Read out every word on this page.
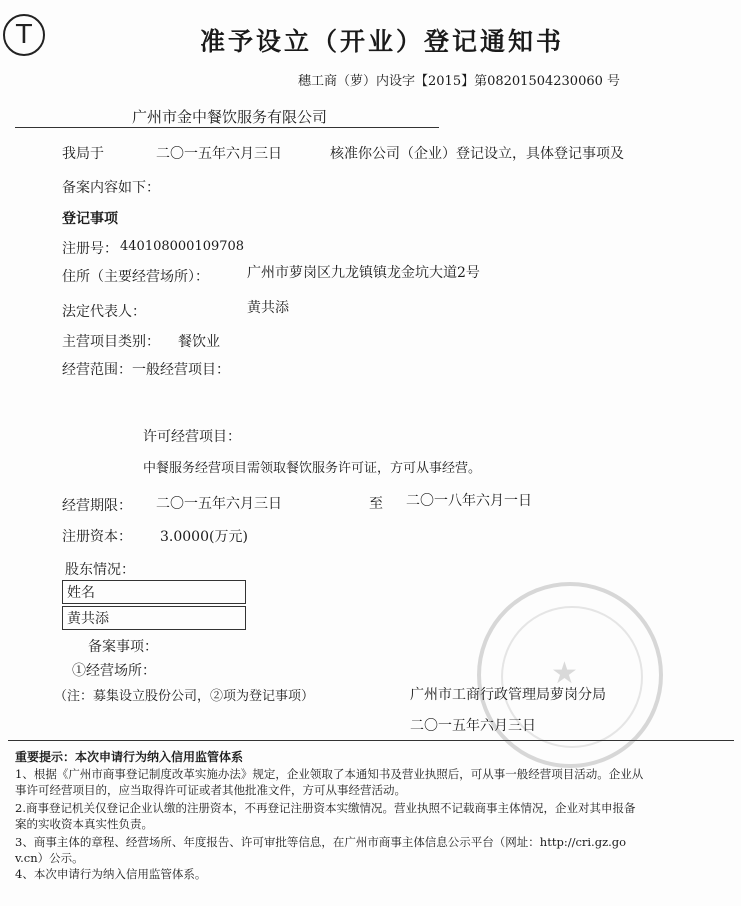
T	准予设立（开业）登记通知书
穗工商（萝）内设字【2015】第08201504230060 号
广州市金中餐饮服务有限公司
我局于	二〇一五年六月三日	核准你公司（企业）登记设立，具体登记事项及
备案内容如下：
登记事项
注册号： 440108000109708
住所（主要经营场所）：	广州市萝岗区九龙镇镇龙金坑大道2号
法定代表人：	黄共添
主营项目类别： 餐饮业
经营范围：一般经营项目：
许可经营项目：
中餐服务经营项目需领取餐饮服务许可证，方可从事经营。
经营期限： 二〇一五年六月三日	至 二〇一八年六月一日
注册资本： 3.0000(万元)
股东情况：
姓名
黄共添
备案事项：
①经营场所：
（注：募集设立股份公司，②项为登记事项）
★
广州市工商行政管理局萝岗分局
二〇一五年六月三日
重要提示：本次申请行为纳入信用监管体系
1、根据《广州市商事登记制度改革实施办法》规定，企业领取了本通知书及营业执照后，可从事一般经营项目活动。企业从
事许可经营项目的，应当取得许可证或者其他批准文件，方可从事经营活动。
2.商事登记机关仅登记企业认缴的注册资本，不再登记注册资本实缴情况。营业执照不记载商事主体情况，企业对其申报备
案的实收资本真实性负责。
3、商事主体的章程、经营场所、年度报告、许可审批等信息，在广州市商事主体信息公示平台（网址：http://cri.gz.go
v.cn）公示。
4、本次申请行为纳入信用监管体系。
